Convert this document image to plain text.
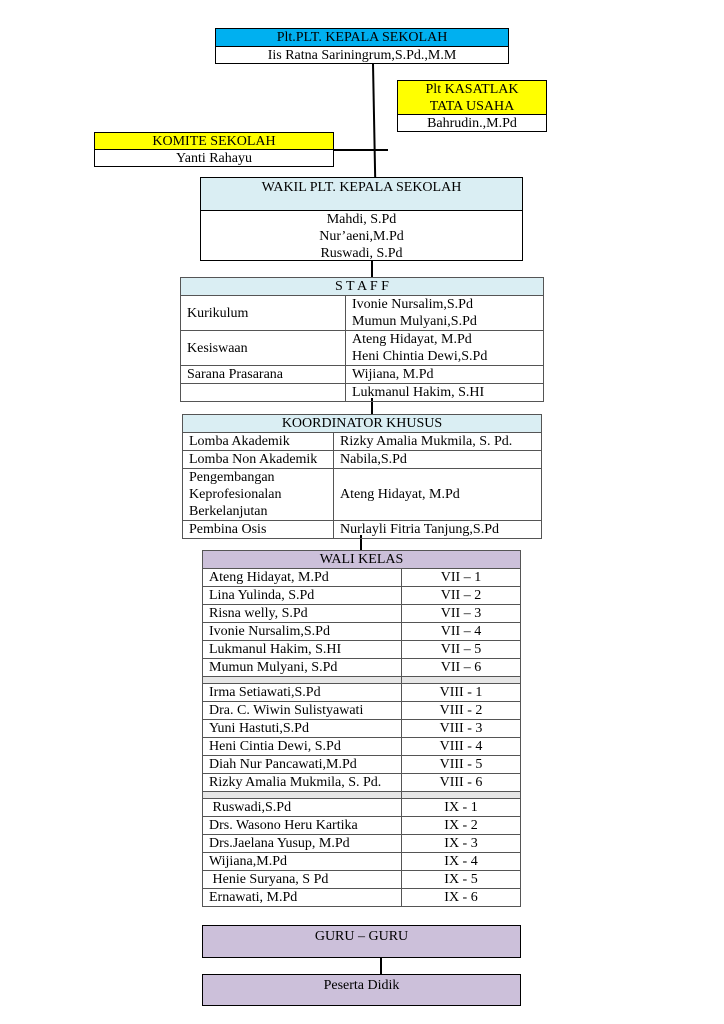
Plt.PLT. KEPALA SEKOLAH
Iis Ratna Sariningrum,S.Pd.,M.M
Plt KASATLAK
TATA USAHA
Bahrudin.,M.Pd
KOMITE SEKOLAH
Yanti Rahayu
WAKIL PLT. KEPALA SEKOLAH
Mahdi, S.Pd
Nur’aeni,M.Pd
Ruswadi, S.Pd
S T A F F	
Kurikulum	Ivonie Nursalim,S.Pd
Mumun Mulyani,S.Pd

Kesiswaan	Ateng Hidayat, M.Pd
Heni Chintia Dewi,S.Pd

Sarana Prasarana	Wijiana, M.Pd
	Lukmanul Hakim, S.HI
KOORDINATOR KHUSUS	
Lomba Akademik	Rizky Amalia Mukmila, S. Pd.
Lomba Non Akademik	Nabila,S.Pd

Pengembangan
Keprofesionalan
Berkelanjutan	Ateng Hidayat, M.Pd
Pembina Osis	Nurlayli Fitria Tanjung,S.Pd
WALI KELAS	
Ateng Hidayat, M.Pd	VII – 1
Lina Yulinda, S.Pd	VII – 2
Risna welly, S.Pd	VII – 3
Ivonie Nursalim,S.Pd	VII – 4
Lukmanul Hakim, S.HI	VII – 5
Mumun Mulyani, S.Pd	VII – 6

Irma Setiawati,S.Pd	VIII - 1
Dra. C. Wiwin Sulistyawati	VIII - 2
Yuni Hastuti,S.Pd	VIII - 3
Heni Cintia Dewi, S.Pd	VIII - 4
Diah Nur Pancawati,M.Pd	VIII - 5
Rizky Amalia Mukmila, S. Pd.	VIII - 6

Ruswadi,S.Pd	IX - 1
Drs. Wasono Heru Kartika	IX - 2
Drs.Jaelana Yusup, M.Pd	IX - 3
Wijiana,M.Pd	IX - 4
Henie Suryana, S Pd	IX - 5
Ernawati, M.Pd	IX - 6
GURU – GURU
Peserta Didik
